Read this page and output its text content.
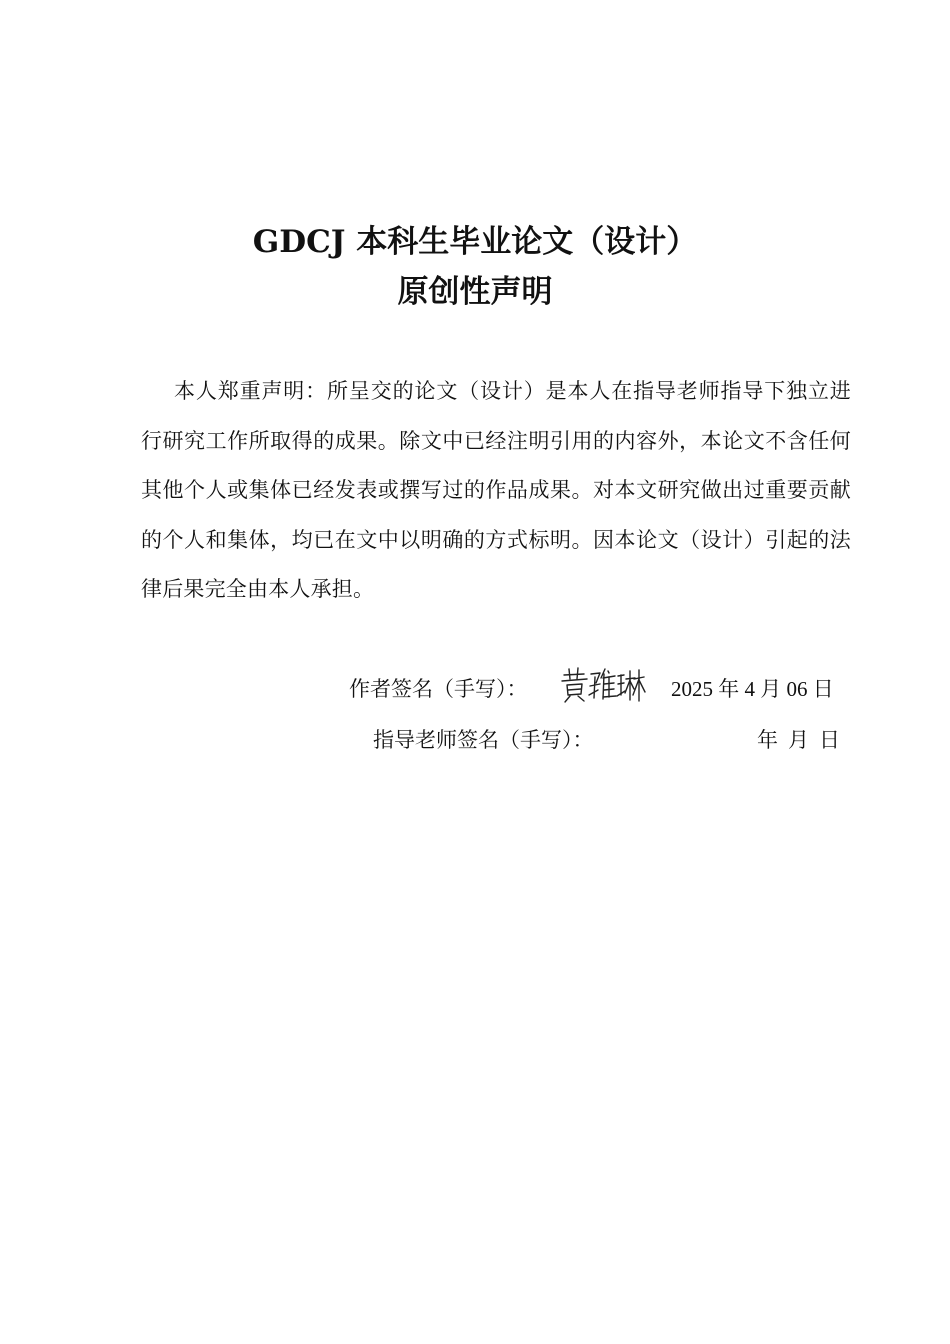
GDCJ 本科生毕业论文（设计）
原创性声明

本人郑重声明：所呈交的论文（设计）是本人在指导老师指导下独立进行研究工作所取得的成果。除文中已经注明引用的内容外，本论文不含任何其他个人或集体已经发表或撰写过的作品成果。对本文研究做出过重要贡献的个人和集体，均已在文中以明确的方式标明。因本论文（设计）引起的法律后果完全由本人承担。

作者签名（手写）：	2025 年 4 月 06 日
指导老师签名（手写）：	年 月 日
